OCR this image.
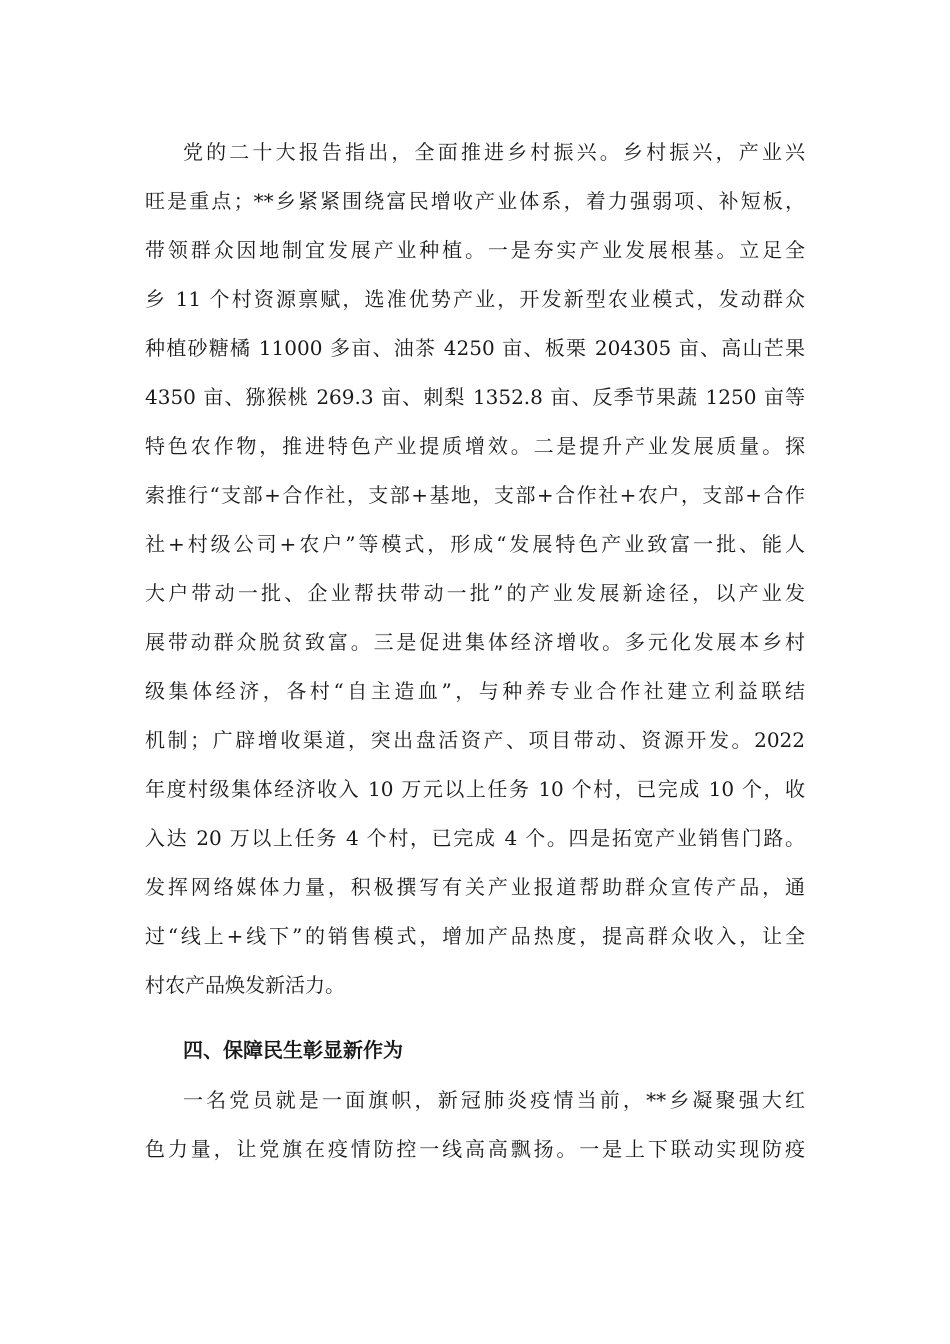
党的二十大报告指出，全面推进乡村振兴。乡村振兴，产业兴
旺是重点；**乡紧紧围绕富民增收产业体系，着力强弱项、补短板，
带领群众因地制宜发展产业种植。一是夯实产业发展根基。立足全
乡 11 个村资源禀赋，选准优势产业，开发新型农业模式，发动群众
种植砂糖橘 11000 多亩、油茶 4250 亩、板栗 204305 亩、高山芒果
4350 亩、猕猴桃 269.3 亩、刺梨 1352.8 亩、反季节果蔬 1250 亩等
特色农作物，推进特色产业提质增效。二是提升产业发展质量。探
索推行“支部+合作社，支部+基地，支部+合作社+农户，支部+合作
社+村级公司+农户”等模式，形成“发展特色产业致富一批、能人
大户带动一批、企业帮扶带动一批”的产业发展新途径，以产业发
展带动群众脱贫致富。三是促进集体经济增收。多元化发展本乡村
级集体经济，各村“自主造血”，与种养专业合作社建立利益联结
机制；广辟增收渠道，突出盘活资产、项目带动、资源开发。2022
年度村级集体经济收入 10 万元以上任务 10 个村，已完成 10 个，收
入达 20 万以上任务 4 个村，已完成 4 个。四是拓宽产业销售门路。
发挥网络媒体力量，积极撰写有关产业报道帮助群众宣传产品，通
过“线上+线下”的销售模式，增加产品热度，提高群众收入，让全
村农产品焕发新活力。
四、保障民生彰显新作为
一名党员就是一面旗帜，新冠肺炎疫情当前，**乡凝聚强大红
色力量，让党旗在疫情防控一线高高飘扬。一是上下联动实现防疫
